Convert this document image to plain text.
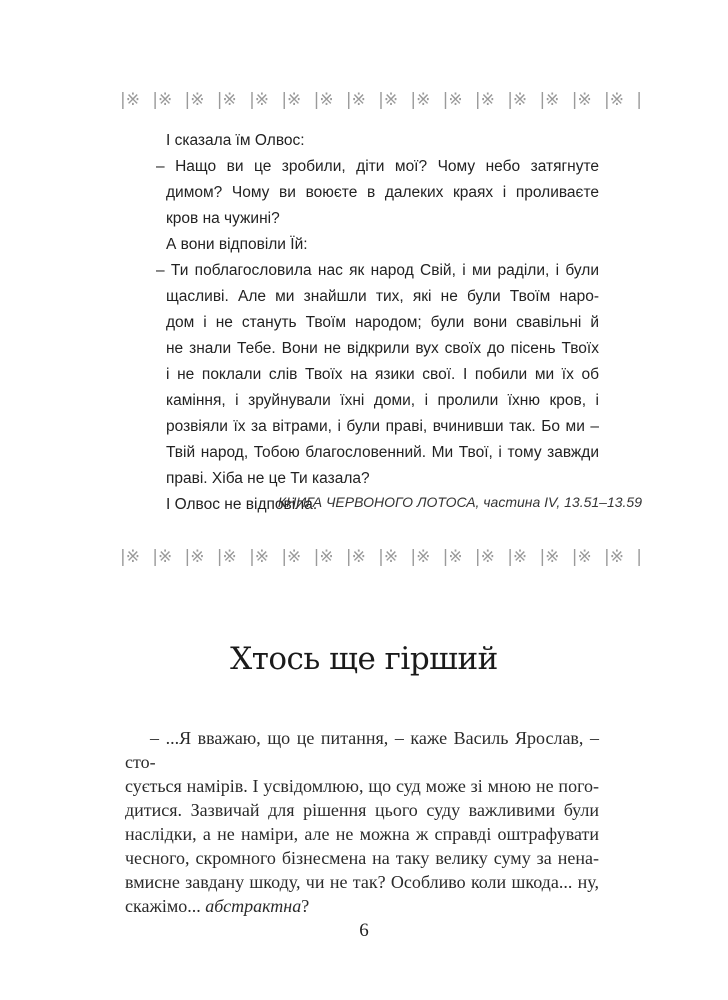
|※ |※ |※ |※ |※ |※ |※ |※ |※ |※ |※ |※ |※ |※ |※ |※ |
І сказала їм Олвос:
– Нащо ви це зробили, діти мої? Чому небо затягнуте
димом? Чому ви воюєте в далеких краях і проливаєте
кров на чужині?
А вони відповіли Їй:
– Ти поблагословила нас як народ Свій, і ми раділи, і були
щасливі. Але ми знайшли тих, які не були Твоїм наро-
дом і не стануть Твоїм народом; були вони свавільні й
не знали Тебе. Вони не відкрили вух своїх до пісень Твоїх
і не поклали слів Твоїх на язики свої. І побили ми їх об
каміння, і зруйнували їхні доми, і пролили їхню кров, і
розвіяли їх за вітрами, і були праві, вчинивши так. Бо ми –
Твій народ, Тобою благословенний. Ми Твої, і тому завжди
праві. Хіба не це Ти казала?
І Олвос не відповіла.
КНИГА ЧЕРВОНОГО ЛОТОСА, частина IV, 13.51–13.59
|※ |※ |※ |※ |※ |※ |※ |※ |※ |※ |※ |※ |※ |※ |※ |※ |
Хтось ще гірший
– ...Я вважаю, що це питання, – каже Василь Ярослав, – сто-
сується намірів. І усвідомлюю, що суд може зі мною не пого-
дитися. Зазвичай для рішення цього суду важливими були
наслідки, а не наміри, але не можна ж справді оштрафувати
чесного, скромного бізнесмена на таку велику суму за нена-
вмисне завдану шкоду, чи не так? Особливо коли шкода... ну,
скажімо... абстрактна?
6
